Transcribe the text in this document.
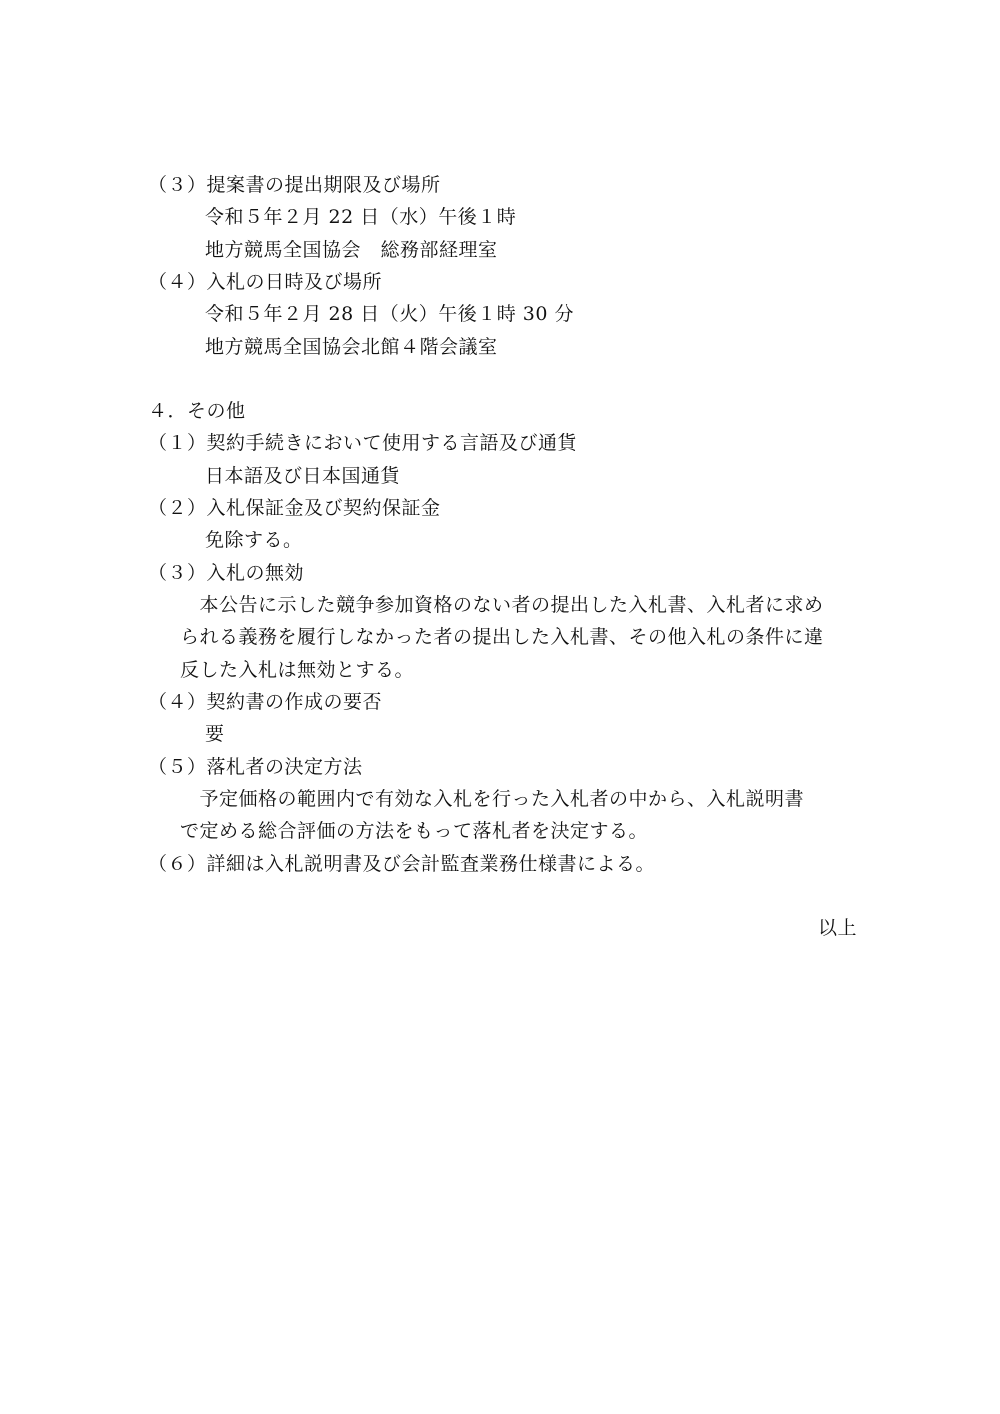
（３）提案書の提出期限及び場所
令和５年２月 22 日（水）午後１時
地方競馬全国協会　総務部経理室
（４）入札の日時及び場所
令和５年２月 28 日（火）午後１時 30 分
地方競馬全国協会北館４階会議室
４．その他
（１）契約手続きにおいて使用する言語及び通貨
日本語及び日本国通貨
（２）入札保証金及び契約保証金
免除する。
（３）入札の無効
　本公告に示した競争参加資格のない者の提出した入札書、入札者に求め
られる義務を履行しなかった者の提出した入札書、その他入札の条件に違
反した入札は無効とする。
（４）契約書の作成の要否
要
（５）落札者の決定方法
　予定価格の範囲内で有効な入札を行った入札者の中から、入札説明書
で定める総合評価の方法をもって落札者を決定する。
（６）詳細は入札説明書及び会計監査業務仕様書による。
以上
